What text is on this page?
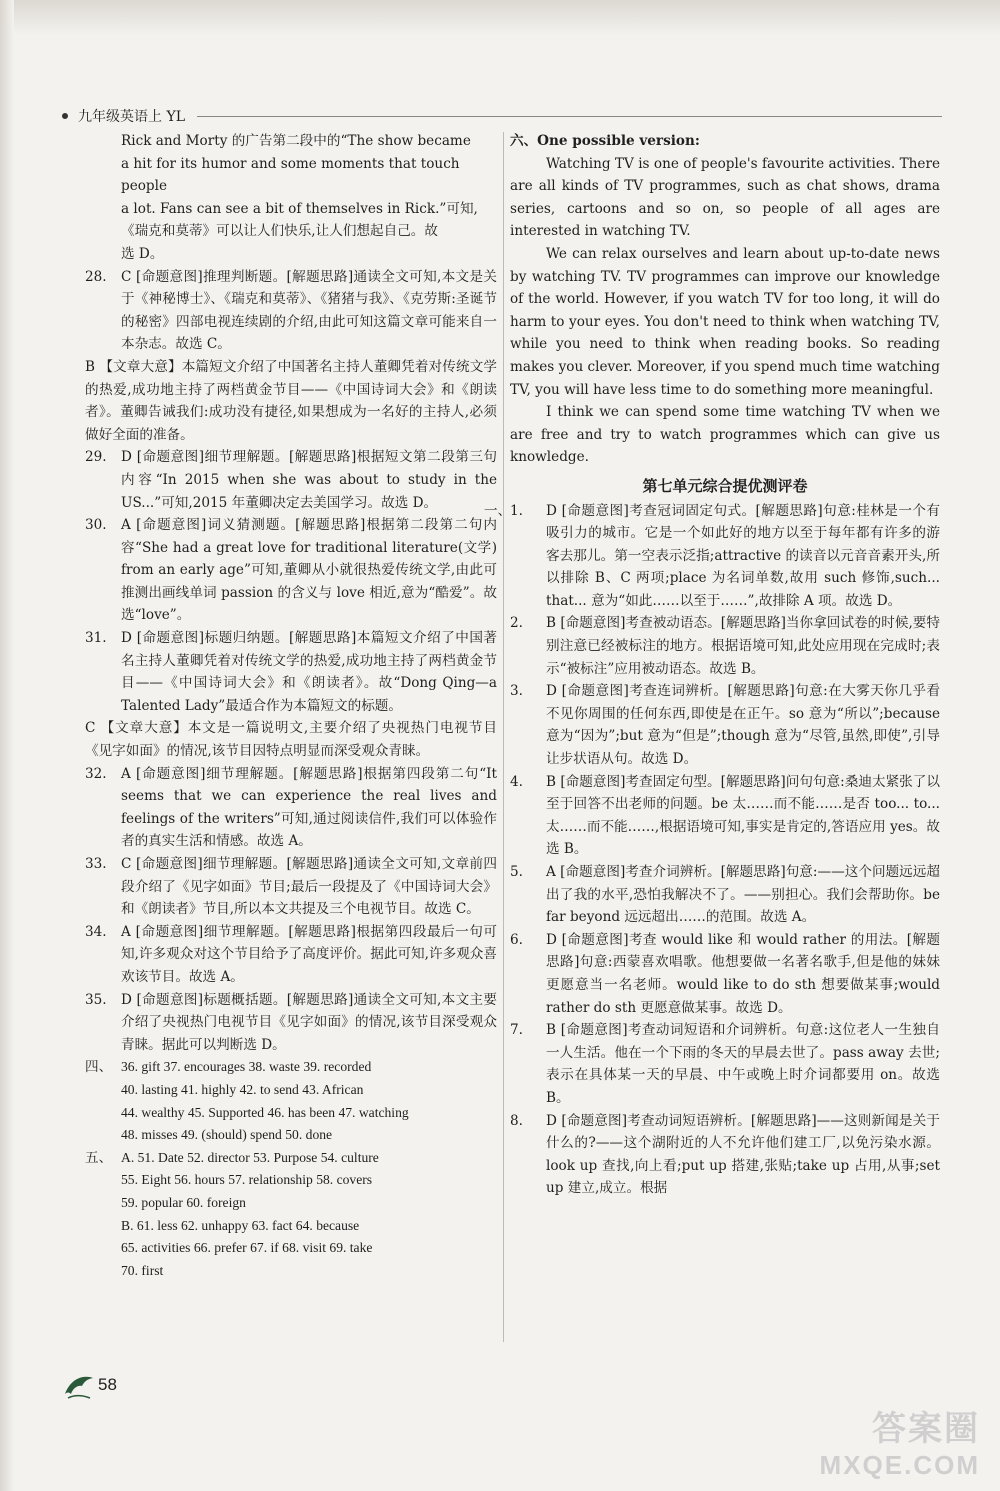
九年级英语上 YL
Rick and Morty 的广告第二段中的“The show became
a hit for its humor and some moments that touch people
a lot. Fans can see a bit of themselves in Rick.”可知,
《瑞克和莫蒂》可以让人们快乐,让人们想起自己。故
选 D。
28. C [命题意图]推理判断题。[解题思路]通读全文可知,本文是关于《神秘博士》、《瑞克和莫蒂》、《猪猪与我》、《克劳斯:圣诞节的秘密》四部电视连续剧的介绍,由此可知这篇文章可能来自一本杂志。故选 C。
B 【文章大意】本篇短文介绍了中国著名主持人董卿凭着对传统文学的热爱,成功地主持了两档黄金节目——《中国诗词大会》和《朗读者》。董卿告诫我们:成功没有捷径,如果想成为一名好的主持人,必须做好全面的准备。
29. D [命题意图]细节理解题。[解题思路]根据短文第二段第三句内容“In 2015 when she was about to study in the US...”可知,2015 年董卿决定去美国学习。故选 D。
30. A [命题意图]词义猜测题。[解题思路]根据第二段第二句内容“She had a great love for traditional literature(文学) from an early age”可知,董卿从小就很热爱传统文学,由此可推测出画线单词 passion 的含义与 love 相近,意为“酷爱”。故选“love”。
31. D [命题意图]标题归纳题。[解题思路]本篇短文介绍了中国著名主持人董卿凭着对传统文学的热爱,成功地主持了两档黄金节目——《中国诗词大会》和《朗读者》。故“Dong Qing—a Talented Lady”最适合作为本篇短文的标题。
C 【文章大意】本文是一篇说明文,主要介绍了央视热门电视节目《见字如面》的情况,该节目因特点明显而深受观众青睐。
32. A [命题意图]细节理解题。[解题思路]根据第四段第二句“It seems that we can experience the real lives and feelings of the writers”可知,通过阅读信件,我们可以体验作者的真实生活和情感。故选 A。
33. C [命题意图]细节理解题。[解题思路]通读全文可知,文章前四段介绍了《见字如面》节目;最后一段提及了《中国诗词大会》和《朗读者》节目,所以本文共提及三个电视节目。故选 C。
34. A [命题意图]细节理解题。[解题思路]根据第四段最后一句可知,许多观众对这个节目给予了高度评价。据此可知,许多观众喜欢该节目。故选 A。
35. D [命题意图]标题概括题。[解题思路]通读全文可知,本文主要介绍了央视热门电视节目《见字如面》的情况,该节目深受观众青睐。据此可以判断选 D。
四、 36. gift 37. encourages 38. waste 39. recorded
40. lasting 41. highly 42. to send 43. African
44. wealthy 45. Supported 46. has been 47. watching
48. misses 49. (should) spend 50. done
五、 A. 51. Date 52. director 53. Purpose 54. culture
55. Eight 56. hours 57. relationship 58. covers
59. popular 60. foreign
B. 61. less 62. unhappy 63. fact 64. because
65. activities 66. prefer 67. if 68. visit 69. take
70. first
六、One possible version:

Watching TV is one of people's favourite activities. There are all kinds of TV programmes, such as chat shows, drama series, cartoons and so on, so people of all ages are interested in watching TV.

We can relax ourselves and learn about up-to-date news by watching TV. TV programmes can improve our knowledge of the world. However, if you watch TV for too long, it will do harm to your eyes. You don't need to think when watching TV, while you need to think when reading books. So reading makes you clever. Moreover, if you spend much time watching TV, you will have less time to do something more meaningful.

I think we can spend some time watching TV when we are free and try to watch programmes which can give us knowledge.

第七单元综合提优测评卷
一、
1. D [命题意图]考查冠词固定句式。[解题思路]句意:桂林是一个有吸引力的城市。它是一个如此好的地方以至于每年都有许多的游客去那儿。第一空表示泛指;attractive 的读音以元音音素开头,所以排除 B、C 两项;place 为名词单数,故用 such 修饰,such... that... 意为“如此……以至于……”,故排除 A 项。故选 D。
2. B [命题意图]考查被动语态。[解题思路]当你拿回试卷的时候,要特别注意已经被标注的地方。根据语境可知,此处应用现在完成时;表示“被标注”应用被动语态。故选 B。
3. D [命题意图]考查连词辨析。[解题思路]句意:在大雾天你几乎看不见你周围的任何东西,即使是在正午。so 意为“所以”;because 意为“因为”;but 意为“但是”;though 意为“尽管,虽然,即使”,引导让步状语从句。故选 D。
4. B [命题意图]考查固定句型。[解题思路]问句句意:桑迪太紧张了以至于回答不出老师的问题。be 太……而不能……是否 too... to... 太……而不能……,根据语境可知,事实是肯定的,答语应用 yes。故选 B。
5. A [命题意图]考查介词辨析。[解题思路]句意:——这个问题远远超出了我的水平,恐怕我解决不了。——别担心。我们会帮助你。be far beyond 远远超出……的范围。故选 A。
6. D [命题意图]考查 would like 和 would rather 的用法。[解题思路]句意:西蒙喜欢唱歌。他想要做一名著名歌手,但是他的妹妹更愿意当一名老师。would like to do sth 想要做某事;would rather do sth 更愿意做某事。故选 D。
7. B [命题意图]考查动词短语和介词辨析。句意:这位老人一生独自一人生活。他在一个下雨的冬天的早晨去世了。pass away 去世;表示在具体某一天的早晨、中午或晚上时介词都要用 on。故选 B。
8. D [命题意图]考查动词短语辨析。[解题思路]——这则新闻是关于什么的?——这个湖附近的人不允许他们建工厂,以免污染水源。look up 查找,向上看;put up 搭建,张贴;take up 占用,从事;set up 建立,成立。根据
58
答案圈
MXQE.COM
